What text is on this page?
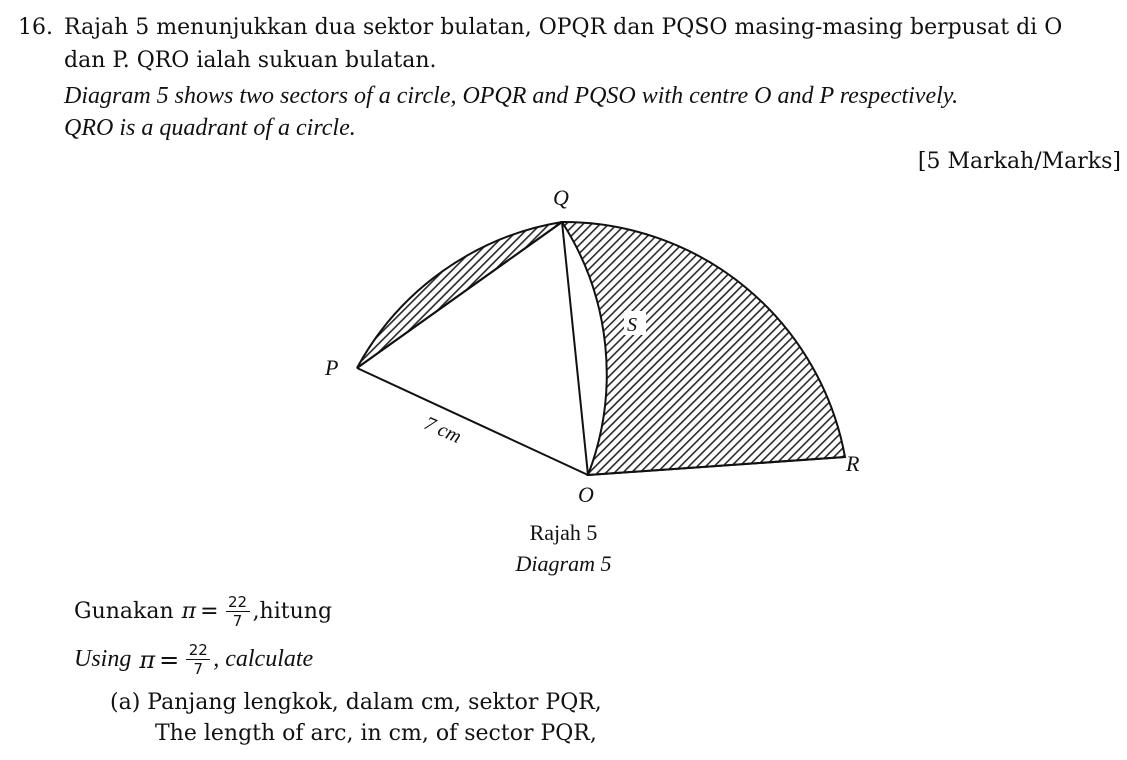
16. Rajah 5 menunjukkan dua sektor bulatan, OPQR dan PQSO masing-masing berpusat di O
dan P. QRO ialah sukuan bulatan.
Diagram 5 shows two sectors of a circle, OPQR and PQSO with centre O and P respectively.
QRO is a quadrant of a circle.
[5 Markah/Marks]
Q
P
R
O
S
7 cm
Rajah 5
Diagram 5
Gunakan $\pi = \frac{22}{7}$ ,hitung
Using $\pi = \frac{22}{7}$ , calculate
(a) Panjang lengkok, dalam cm, sektor PQR,
The length of arc, in cm, of sector PQR,
